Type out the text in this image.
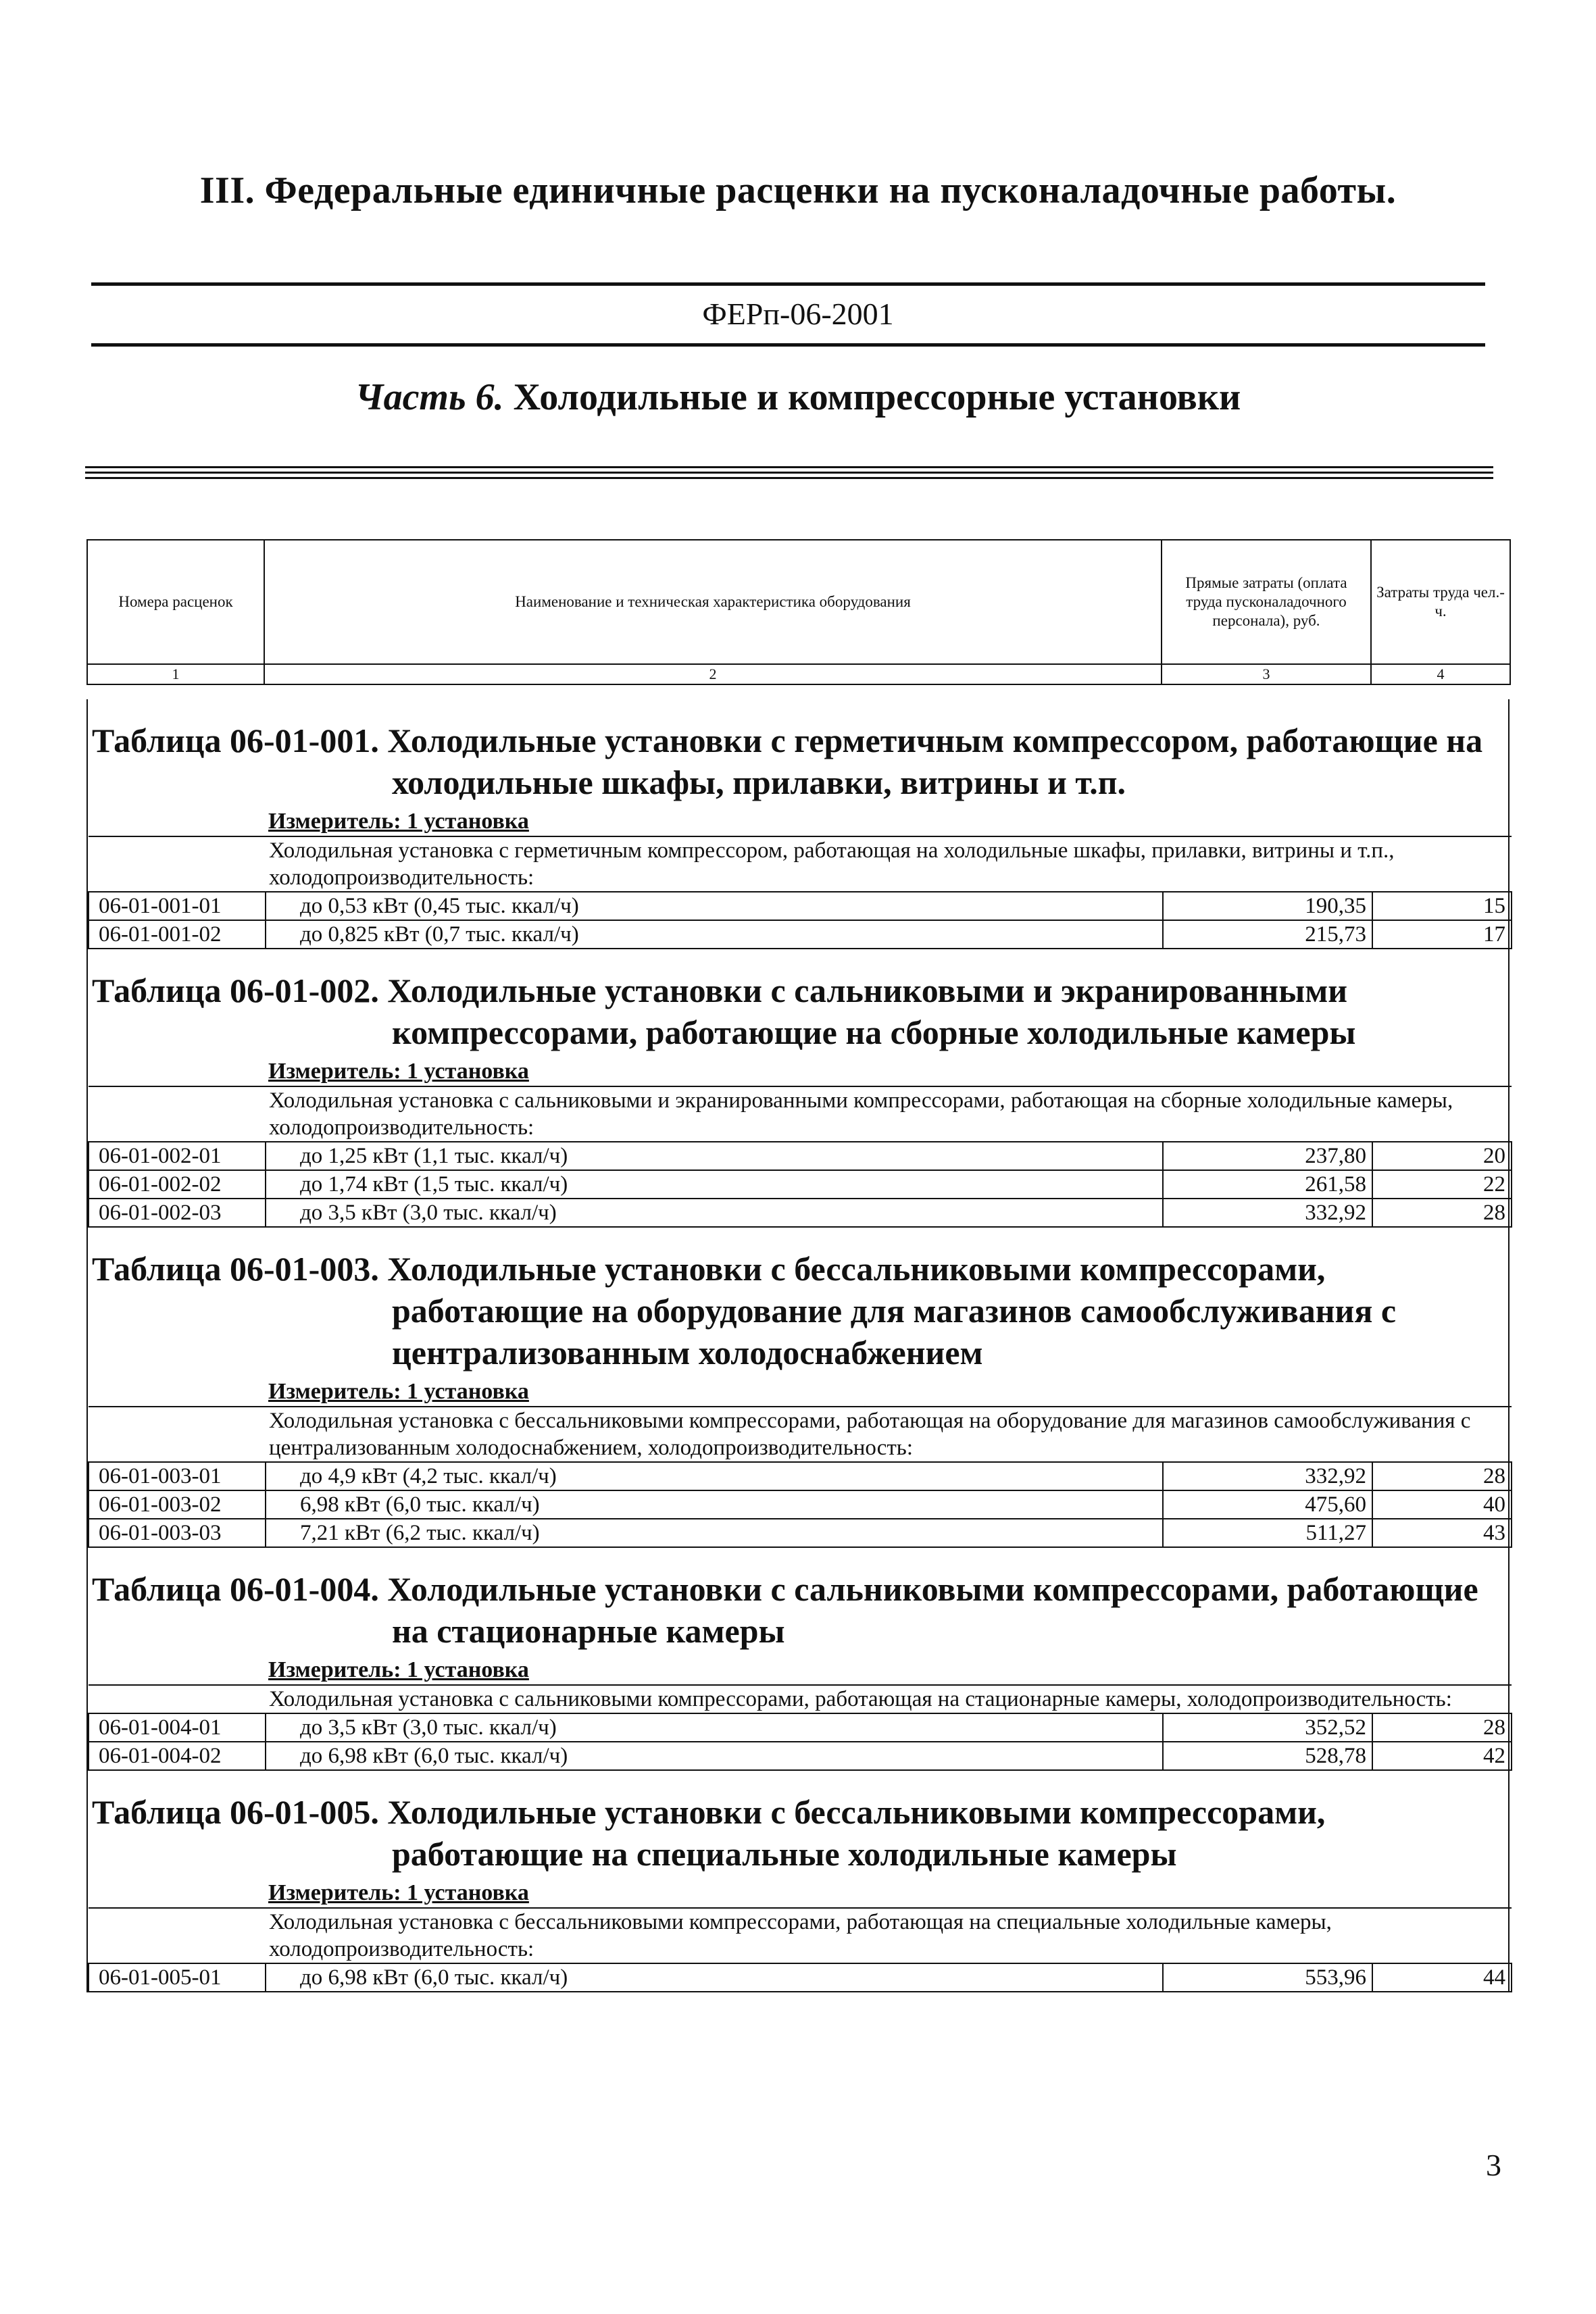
III. Федеральные единичные расценки на пусконаладочные работы.
ФЕРп-06-2001
Часть 6. Холодильные и компрессорные установки
Номера расценок	Наименование и техническая характеристика оборудования	Прямые затраты (оплата труда пусконаладочного персонала), руб.	Затраты труда чел.-ч.
1	2	3	4
Таблица 06-01-001. Холодильные установки с герметичным компрессором, работающие на холодильные шкафы, прилавки, витрины и т.п.
Измеритель: 1 установка
Холодильная установка с герметичным компрессором, работающая на холодильные шкафы, прилавки, витрины и т.п., холодопроизводительность:			
06-01-001-01	до 0,53 кВт (0,45 тыс. ккал/ч)	190,35	15
06-01-001-02	до 0,825 кВт (0,7 тыс. ккал/ч)	215,73	17
Таблица 06-01-002. Холодильные установки с сальниковыми и экранированными компрессорами, работающие на сборные холодильные камеры
Измеритель: 1 установка
Холодильная установка с сальниковыми и экранированными компрессорами, работающая на сборные холодильные камеры, холодопроизводительность:			
06-01-002-01	до 1,25 кВт (1,1 тыс. ккал/ч)	237,80	20
06-01-002-02	до 1,74 кВт (1,5 тыс. ккал/ч)	261,58	22
06-01-002-03	до 3,5 кВт (3,0 тыс. ккал/ч)	332,92	28
Таблица 06-01-003. Холодильные установки с бессальниковыми компрессорами, работающие на оборудование для магазинов самообслуживания с централизованным холодоснабжением
Измеритель: 1 установка
Холодильная установка с бессальниковыми компрессорами, работающая на оборудование для магазинов самообслуживания с централизованным холодоснабжением, холодопроизводительность:			
06-01-003-01	до 4,9 кВт (4,2 тыс. ккал/ч)	332,92	28
06-01-003-02	6,98 кВт (6,0 тыс. ккал/ч)	475,60	40
06-01-003-03	7,21 кВт (6,2 тыс. ккал/ч)	511,27	43
Таблица 06-01-004. Холодильные установки с сальниковыми компрессорами, работающие на стационарные камеры
Измеритель: 1 установка
Холодильная установка с сальниковыми компрессорами, работающая на стационарные камеры, холодопроизводительность:			
06-01-004-01	до 3,5 кВт (3,0 тыс. ккал/ч)	352,52	28
06-01-004-02	до 6,98 кВт (6,0 тыс. ккал/ч)	528,78	42
Таблица 06-01-005. Холодильные установки с бессальниковыми компрессорами, работающие на специальные холодильные камеры
Измеритель: 1 установка
Холодильная установка с бессальниковыми компрессорами, работающая на специальные холодильные камеры, холодопроизводительность:
06-01-005-01	до 6,98 кВт (6,0 тыс. ккал/ч)	553,96	44
3
